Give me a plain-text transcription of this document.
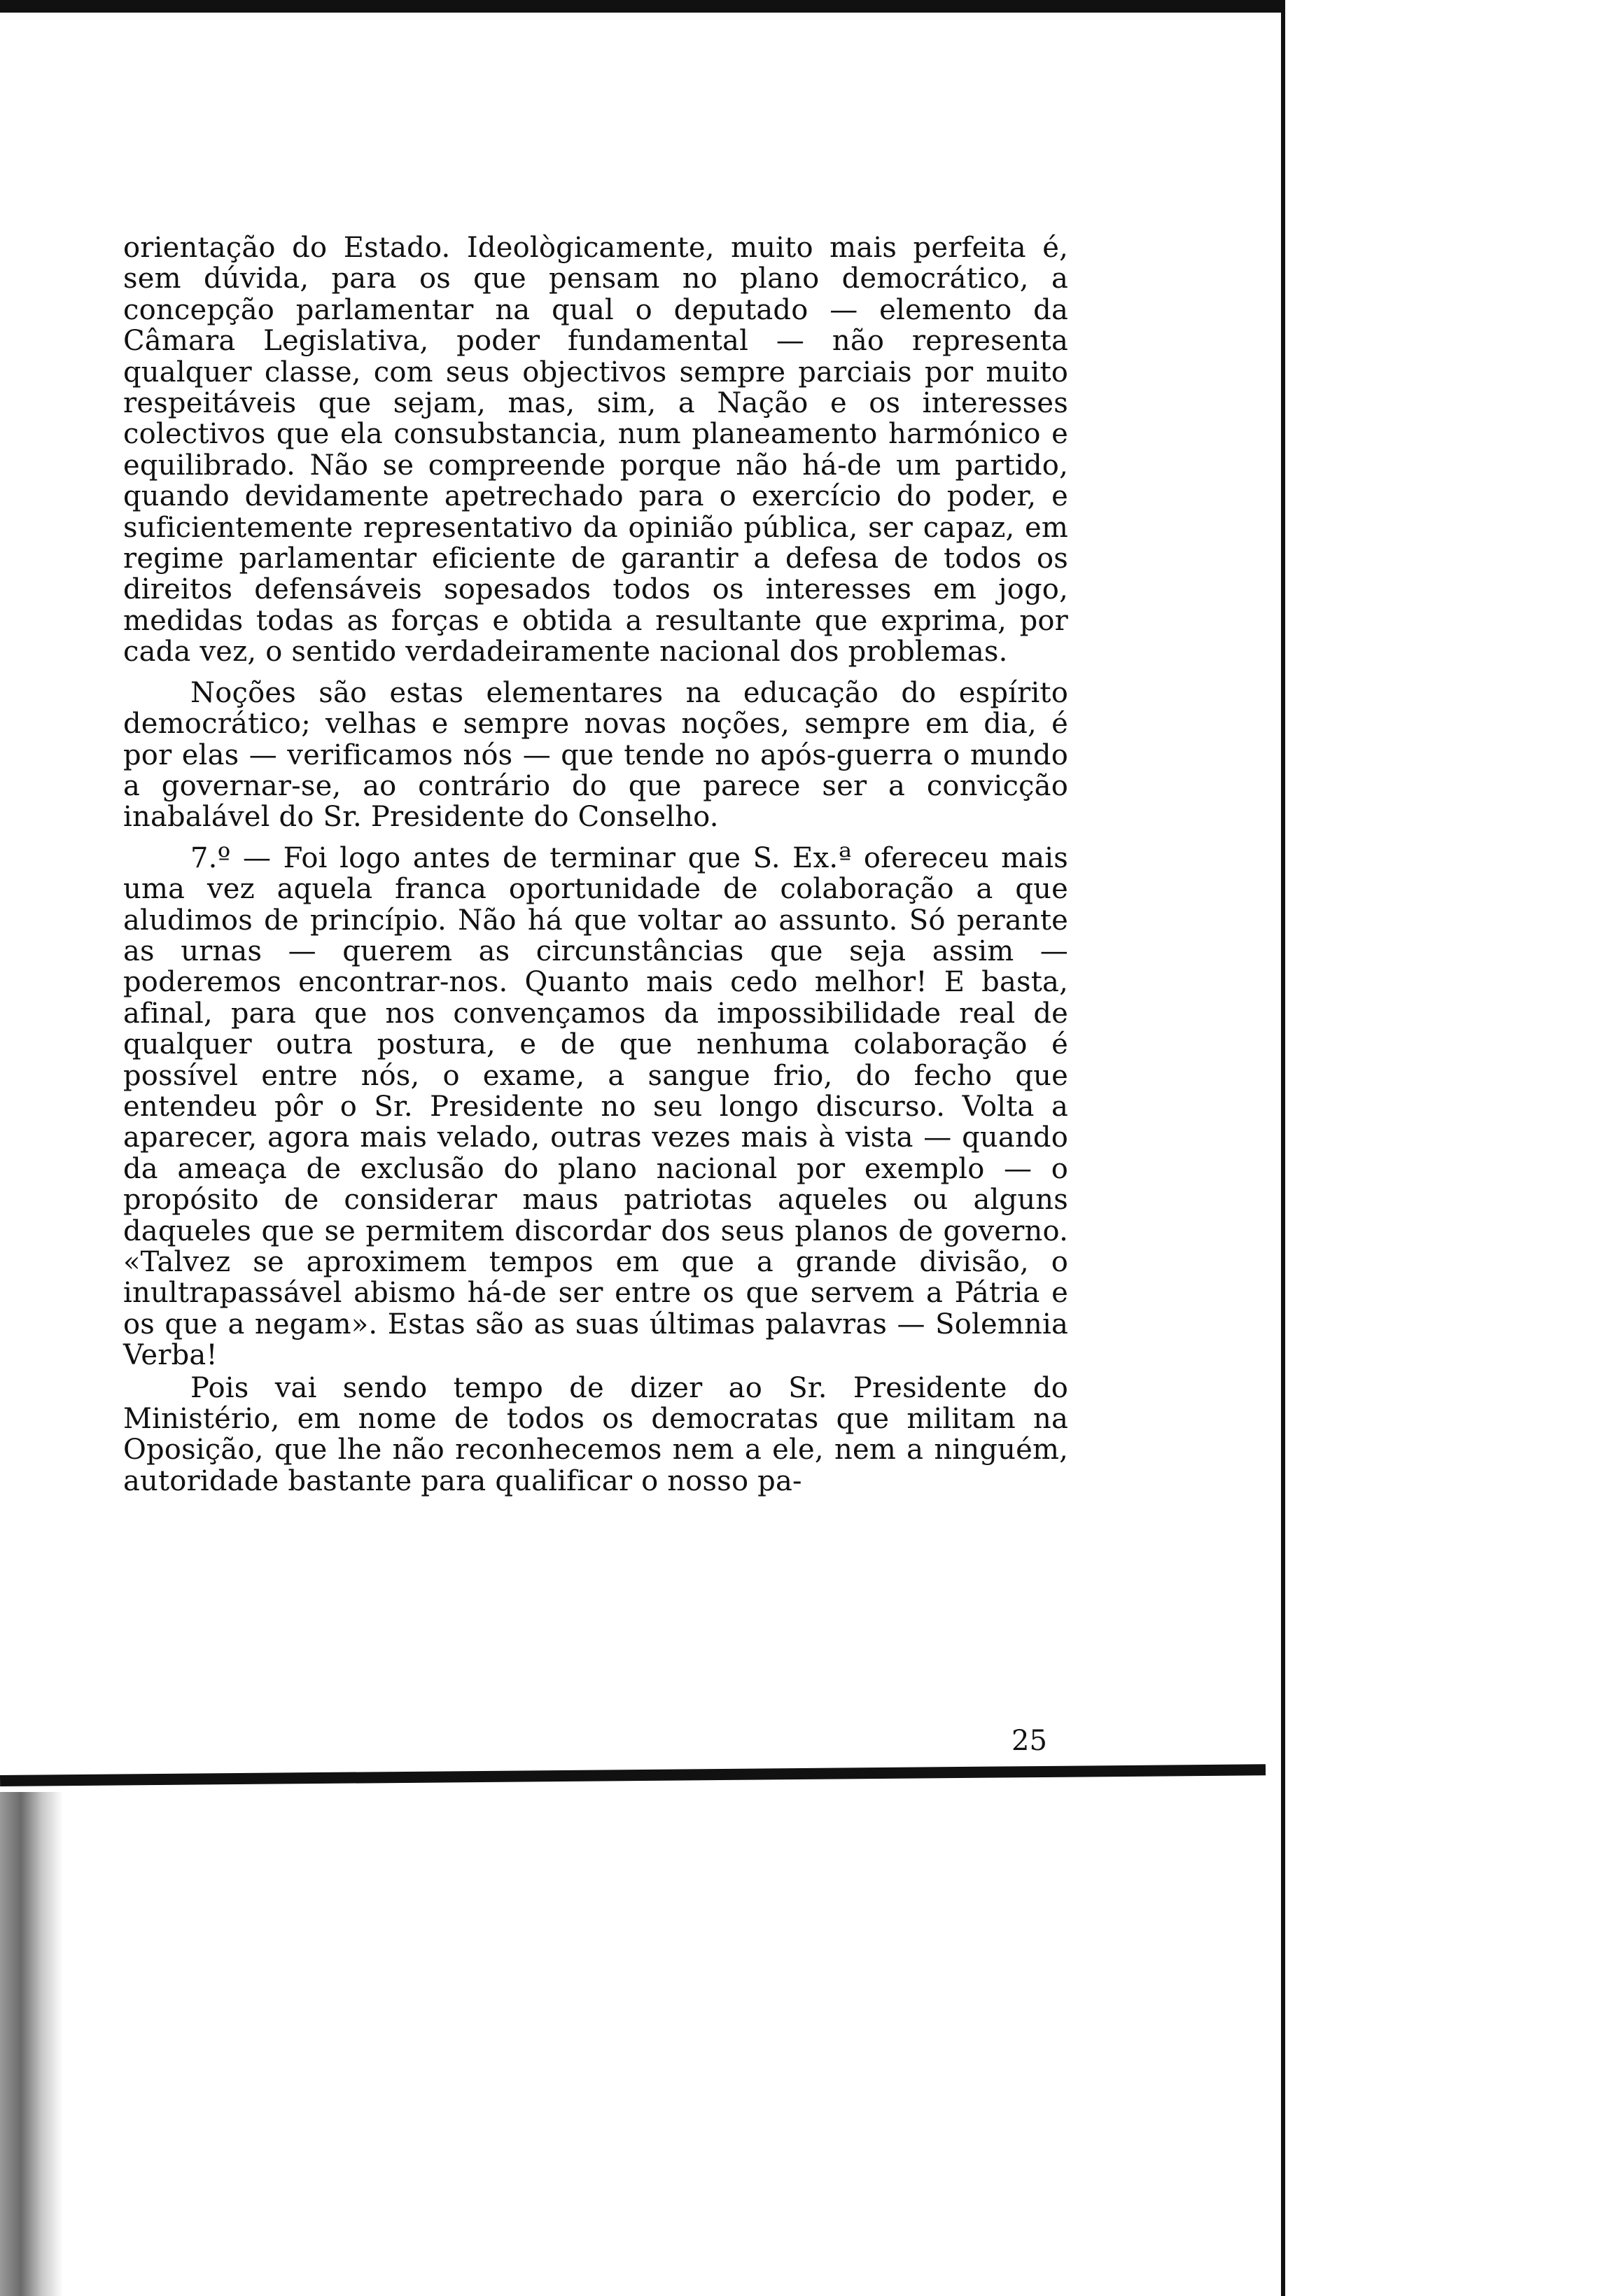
orientação do Estado. Ideològicamente, muito mais perfeita é, sem dúvida, para os que pensam no plano democrático, a concepção parlamentar na qual o deputado — elemento da Câmara Legislativa, poder fundamental — não representa qualquer classe, com seus objectivos sempre parciais por muito respeitáveis que sejam, mas, sim, a Nação e os interesses colectivos que ela consubstancia, num planeamento harmónico e equilibrado. Não se compreende porque não há-de um partido, quando devidamente apetrechado para o exercício do poder, e suficientemente representativo da opinião pública, ser capaz, em regime parlamentar eficiente de garantir a defesa de todos os direitos defensáveis sopesados todos os interesses em jogo, medidas todas as forças e obtida a resultante que exprima, por cada vez, o sentido verdadeiramente nacional dos problemas.

Noções são estas elementares na educação do espírito democrático; velhas e sempre novas noções, sempre em dia, é por elas — verificamos nós — que tende no após-guerra o mundo a governar-se, ao contrário do que parece ser a convicção inabalável do Sr. Presidente do Conselho.

7.º — Foi logo antes de terminar que S. Ex.ª ofereceu mais uma vez aquela franca oportunidade de colaboração a que aludimos de princípio. Não há que voltar ao assunto. Só perante as urnas — querem as circunstâncias que seja assim — poderemos encontrar-nos. Quanto mais cedo melhor! E basta, afinal, para que nos convençamos da impossibilidade real de qualquer outra postura, e de que nenhuma colaboração é possível entre nós, o exame, a sangue frio, do fecho que entendeu pôr o Sr. Presidente no seu longo discurso. Volta a aparecer, agora mais velado, outras vezes mais à vista — quando da ameaça de exclusão do plano nacional por exemplo — o propósito de considerar maus patriotas aqueles ou alguns daqueles que se permitem discordar dos seus planos de governo. «Talvez se aproximem tempos em que a grande divisão, o inultrapassável abismo há-de ser entre os que servem a Pátria e os que a negam». Estas são as suas últimas palavras — Solemnia Verba!

Pois vai sendo tempo de dizer ao Sr. Presidente do Ministério, em nome de todos os democratas que militam na Oposição, que lhe não reconhecemos nem a ele, nem a ninguém, autoridade bastante para qualificar o nosso pa-

25
